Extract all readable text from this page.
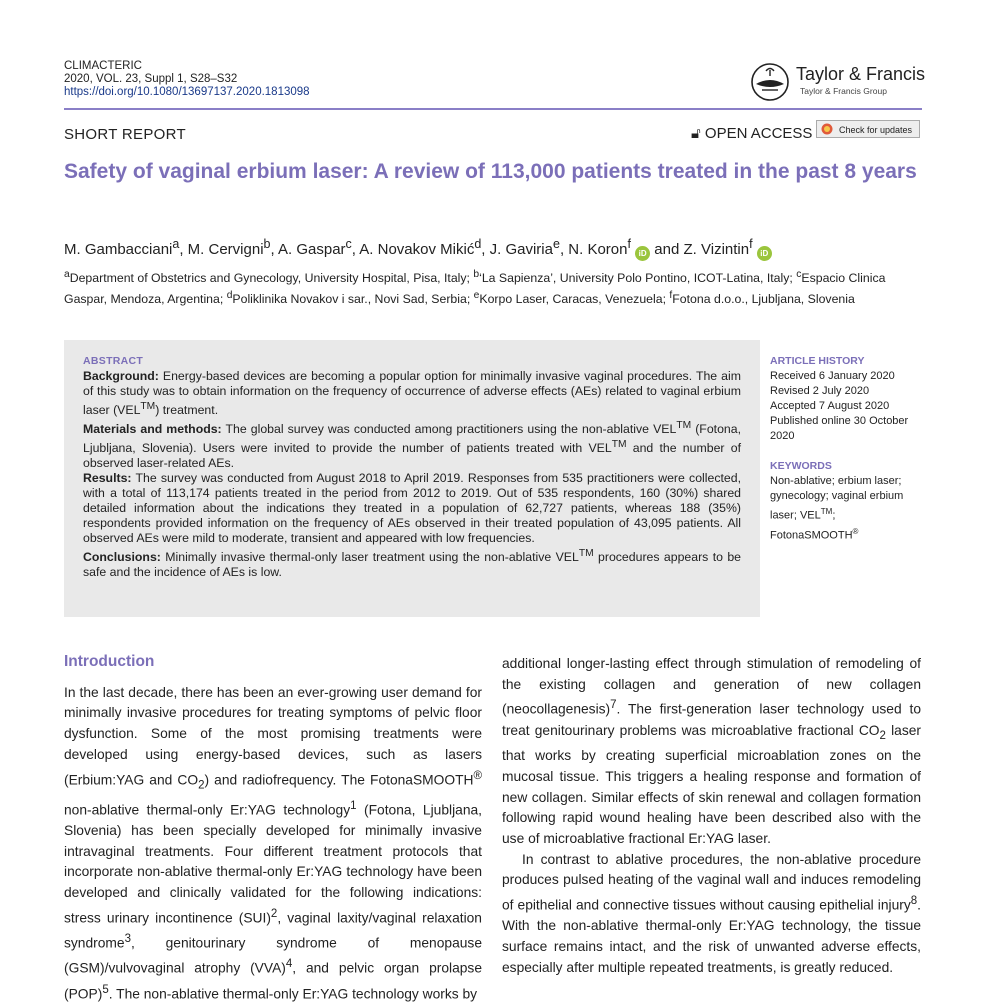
CLIMACTERIC
2020, VOL. 23, Suppl 1, S28–S32
https://doi.org/10.1080/13697137.2020.1813098
Taylor & Francis
Taylor & Francis Group
SHORT REPORT	🔓︎ OPEN ACCESS	Check for updates
Safety of vaginal erbium laser: A review of 113,000 patients treated in the past 8 years
M. Gambacciani$^a$, M. Cervigni$^b$, A. Gaspar$^c$, A. Novakov Mikić$^d$, J. Gaviria$^e$, N. Koron$^f$ iD and Z. Vizintin$^f$ iD
$^a$Department of Obstetrics and Gynecology, University Hospital, Pisa, Italy; $^b$‘La Sapienza’, University Polo Pontino, ICOT-Latina, Italy; $^c$Espacio Clinica Gaspar, Mendoza, Argentina; $^d$Poliklinika Novakov i sar., Novi Sad, Serbia; $^e$Korpo Laser, Caracas, Venezuela; $^f$Fotona d.o.o., Ljubljana, Slovenia
ABSTRACT

Background: Energy-based devices are becoming a popular option for minimally invasive vaginal procedures. The aim of this study was to obtain information on the frequency of occurrence of adverse effects (AEs) related to vaginal erbium laser (VEL™) treatment.

Materials and methods: The global survey was conducted among practitioners using the non-ablative VEL™ (Fotona, Ljubljana, Slovenia). Users were invited to provide the number of patients treated with VEL™ and the number of observed laser-related AEs.

Results: The survey was conducted from August 2018 to April 2019. Responses from 535 practitioners were collected, with a total of 113,174 patients treated in the period from 2012 to 2019. Out of 535 respondents, 160 (30%) shared detailed information about the indications they treated in a population of 62,727 patients, whereas 188 (35%) respondents provided information on the frequency of AEs observed in their treated population of 43,095 patients. All observed AEs were mild to moderate, transient and appeared with low frequencies.

Conclusions: Minimally invasive thermal-only laser treatment using the non-ablative VEL™ procedures appears to be safe and the incidence of AEs is low.

ARTICLE HISTORY
Received 6 January 2020
Revised 2 July 2020
Accepted 7 August 2020
Published online 30 October 2020
KEYWORDS
Non-ablative; erbium laser; gynecology; vaginal erbium laser; VEL™; FotonaSMOOTH®
Introduction

In the last decade, there has been an ever-growing user demand for minimally invasive procedures for treating symptoms of pelvic floor dysfunction. Some of the most promising treatments were developed using energy-based devices, such as lasers (Erbium:YAG and $CO_2$) and radiofrequency. The FotonaSMOOTH® non-ablative thermal-only Er:YAG technology$^1$ (Fotona, Ljubljana, Slovenia) has been specially developed for minimally invasive intravaginal treatments. Four different treatment protocols that incorporate non-ablative thermal-only Er:YAG technology have been developed and clinically validated for the following indications: stress urinary incontinence (SUI)$^2$, vaginal laxity/vaginal relaxation syndrome$^3$, genitourinary syndrome of menopause (GSM)/vulvovaginal atrophy (VVA)$^4$, and pelvic organ prolapse (POP)$^5$. The non-ablative thermal-only Er:YAG technology works by

additional longer-lasting effect through stimulation of remodeling of the existing collagen and generation of new collagen (neocollagenesis)$^7$. The first-generation laser technology used to treat genitourinary problems was microablative fractional $CO_2$ laser that works by creating superficial microablation zones on the mucosal tissue. This triggers a healing response and formation of new collagen. Similar effects of skin renewal and collagen formation following rapid wound healing have been described also with the use of microablative fractional Er:YAG laser.

In contrast to ablative procedures, the non-ablative procedure produces pulsed heating of the vaginal wall and induces remodeling of epithelial and connective tissues without causing epithelial injury$^8$. With the non-ablative thermal-only Er:YAG technology, the tissue surface remains intact, and the risk of unwanted adverse effects, especially after multiple repeated treatments, is greatly reduced.
